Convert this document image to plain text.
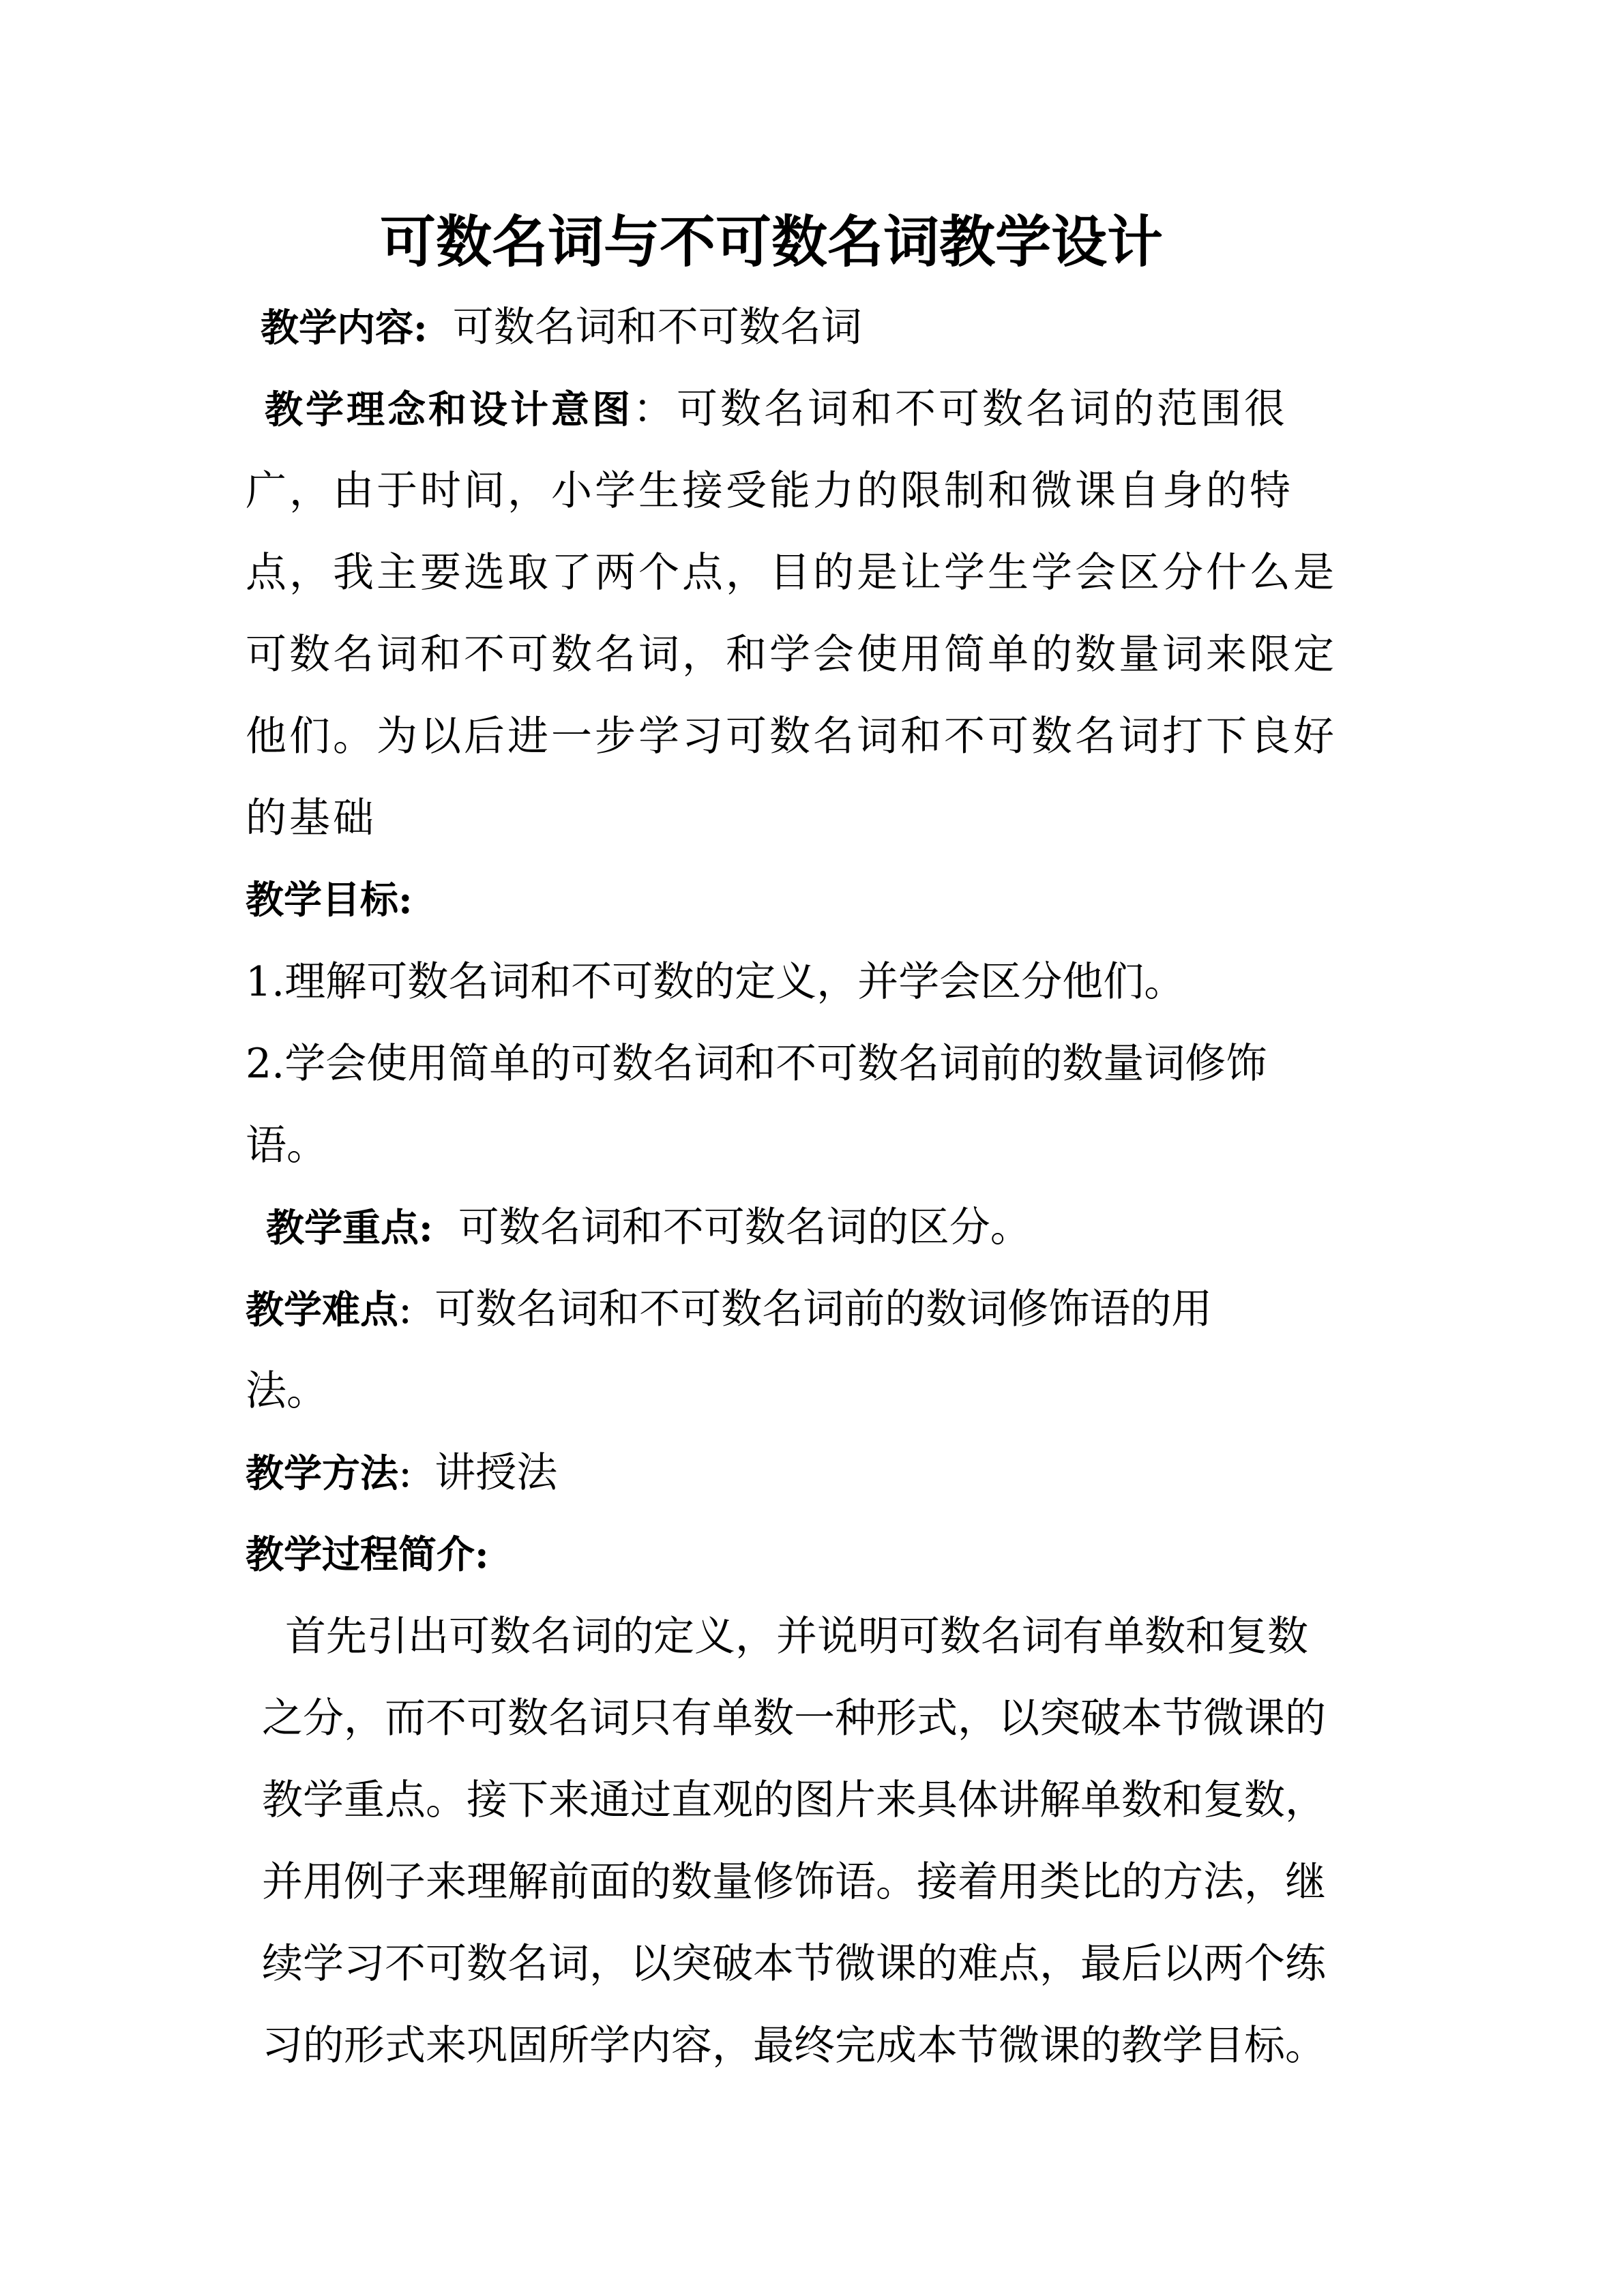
可数名词与不可数名词教学设计
教学内容: 可数名词和不可数名词
教学理念和设计意图：可数名词和不可数名词的范围很
广，由于时间，小学生接受能力的限制和微课自身的特
点，我主要选取了两个点，目的是让学生学会区分什么是
可数名词和不可数名词，和学会使用简单的数量词来限定
他们。为以后进一步学习可数名词和不可数名词打下良好
的基础
教学目标:
1.理解可数名词和不可数的定义，并学会区分他们。
2.学会使用简单的可数名词和不可数名词前的数量词修饰
语。
教学重点: 可数名词和不可数名词的区分。
教学难点: 可数名词和不可数名词前的数词修饰语的用
法。
教学方法: 讲授法
教学过程简介:
首先引出可数名词的定义，并说明可数名词有单数和复数
之分，而不可数名词只有单数一种形式，以突破本节微课的
教学重点。接下来通过直观的图片来具体讲解单数和复数，
并用例子来理解前面的数量修饰语。接着用类比的方法，继
续学习不可数名词，以突破本节微课的难点，最后以两个练
习的形式来巩固所学内容，最终完成本节微课的教学目标。
